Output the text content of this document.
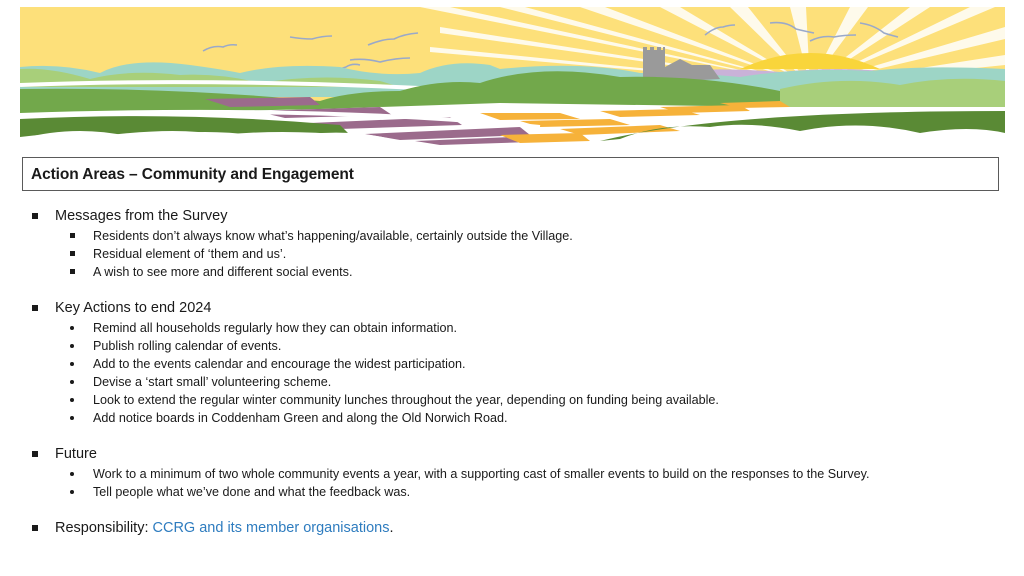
Action Areas – Community and Engagement
Messages from the Survey
Residents don’t always know what’s happening/available, certainly outside the Village.
Residual element of ‘them and us’.
A wish to see more and different social events.
Key Actions to end 2024
Remind all households regularly how they can obtain information.
Publish rolling calendar of events.
Add to the events calendar and encourage the widest participation.
Devise a ‘start small’ volunteering scheme.
Look to extend the regular winter community lunches throughout the year, depending on funding being available.
Add notice boards in Coddenham Green and along the Old Norwich Road.
Future
Work to a minimum of two whole community events a year, with a supporting cast of smaller events to build on the responses to the Survey.
Tell people what we’ve done and what the feedback was.
Responsibility: CCRG and its member organisations.
